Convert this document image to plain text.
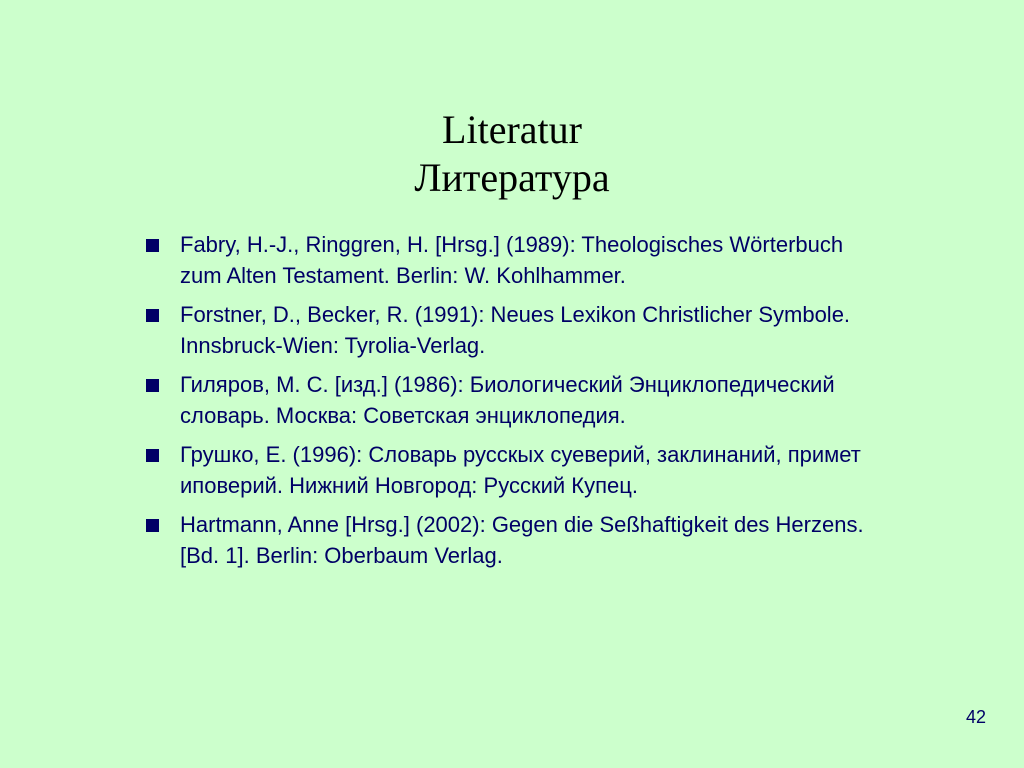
Literatur
Литература
Fabry, H.-J., Ringgren, H. [Hrsg.] (1989): Theologisches Wörterbuch zum Alten Testament. Berlin: W. Kohlhammer.
Forstner, D., Becker, R. (1991): Neues Lexikon Christlicher Symbole. Innsbruck-Wien: Tyrolia-Verlag.
Гиляров, М. С. [изд.] (1986): Биологический Энциклопедический словарь. Москва: Советская энциклопедия.
Грушко, Е. (1996): Словарь русскых суеверий, заклинаний, примет иповерий. Нижний Новгород: Русский Купец.
Hartmann, Anne [Hrsg.] (2002): Gegen die Seßhaftigkeit des Herzens. [Bd. 1]. Berlin: Oberbaum Verlag.
42
